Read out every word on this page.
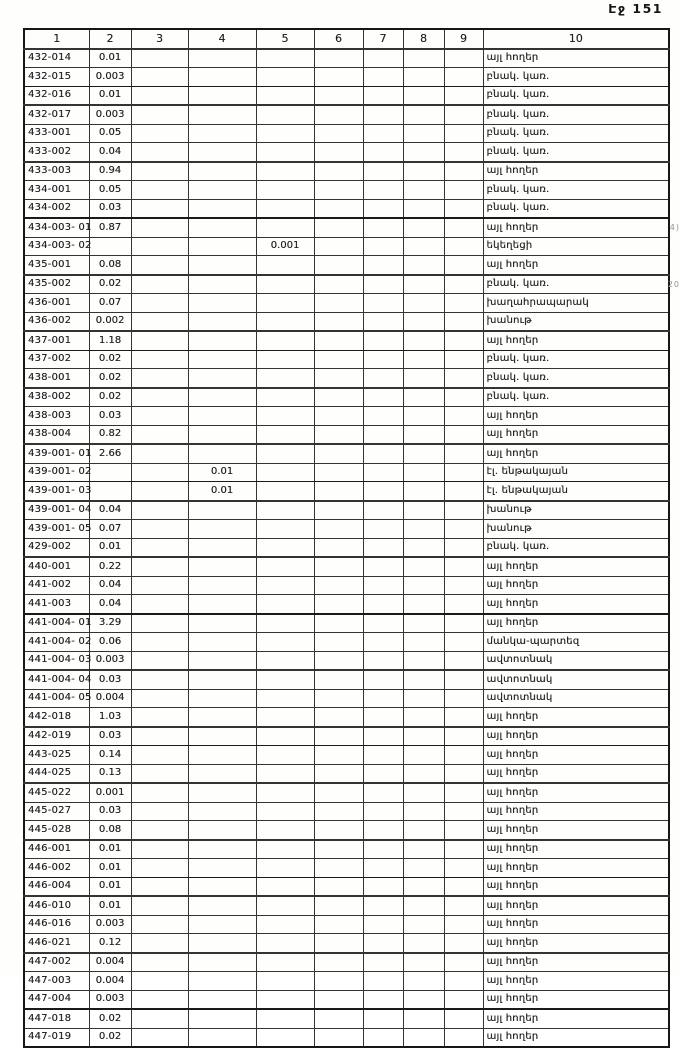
Էջ 151
1	2	3	4	5	6	7	8	9	10
432-014	0.01								այլ հողեր
432-015	0.003								բնակ. կառ.
432-016	0.01								բնակ. կառ.
432-017	0.003								բնակ. կառ.
433-001	0.05								բնակ. կառ.
433-002	0.04								բնակ. կառ.
433-003	0.94								այլ հողեր
434-001	0.05								բնակ. կառ.
434-002	0.03								բնակ. կառ.
434-003- 01	0.87								այլ հողեր
434-003- 02				0.001					եկեղեցի
435-001	0.08								այլ հողեր
435-002	0.02								բնակ. կառ.
436-001	0.07								խաղահրապարակ
436-002	0.002								խանութ
437-001	1.18								այլ հողեր
437-002	0.02								բնակ. կառ.
438-001	0.02								բնակ. կառ.
438-002	0.02								բնակ. կառ.
438-003	0.03								այլ հողեր
438-004	0.82								այլ հողեր
439-001- 01	2.66								այլ հողեր
439-001- 02			0.01						էլ. ենթակայան
439-001- 03			0.01						էլ. ենթակայան
439-001- 04	0.04								խանութ
439-001- 05	0.07								խանութ
429-002	0.01								բնակ. կառ.
440-001	0.22								այլ հողեր
441-002	0.04								այլ հողեր
441-003	0.04								այլ հողեր
441-004- 01	3.29								այլ հողեր
441-004- 02	0.06								մանկա-պարտեզ
441-004- 03	0.003								ավտոտնակ
441-004- 04	0.03								ավտոտնակ
441-004- 05	0.004								ավտոտնակ
442-018	1.03								այլ հողեր
442-019	0.03								այլ հողեր
443-025	0.14								այլ հողեր
444-025	0.13								այլ հողեր
445-022	0.001								այլ հողեր
445-027	0.03								այլ հողեր
445-028	0.08								այլ հողեր
446-001	0.01								այլ հողեր
446-002	0.01								այլ հողեր
446-004	0.01								այլ հողեր
446-010	0.01								այլ հողեր
446-016	0.003								այլ հողեր
446-021	0.12								այլ հողեր
447-002	0.004								այլ հողեր
447-003	0.004								այլ հողեր
447-004	0.003								այլ հողեր
447-018	0.02								այլ հողեր
447-019	0.02								այլ հողեր
4)
20
